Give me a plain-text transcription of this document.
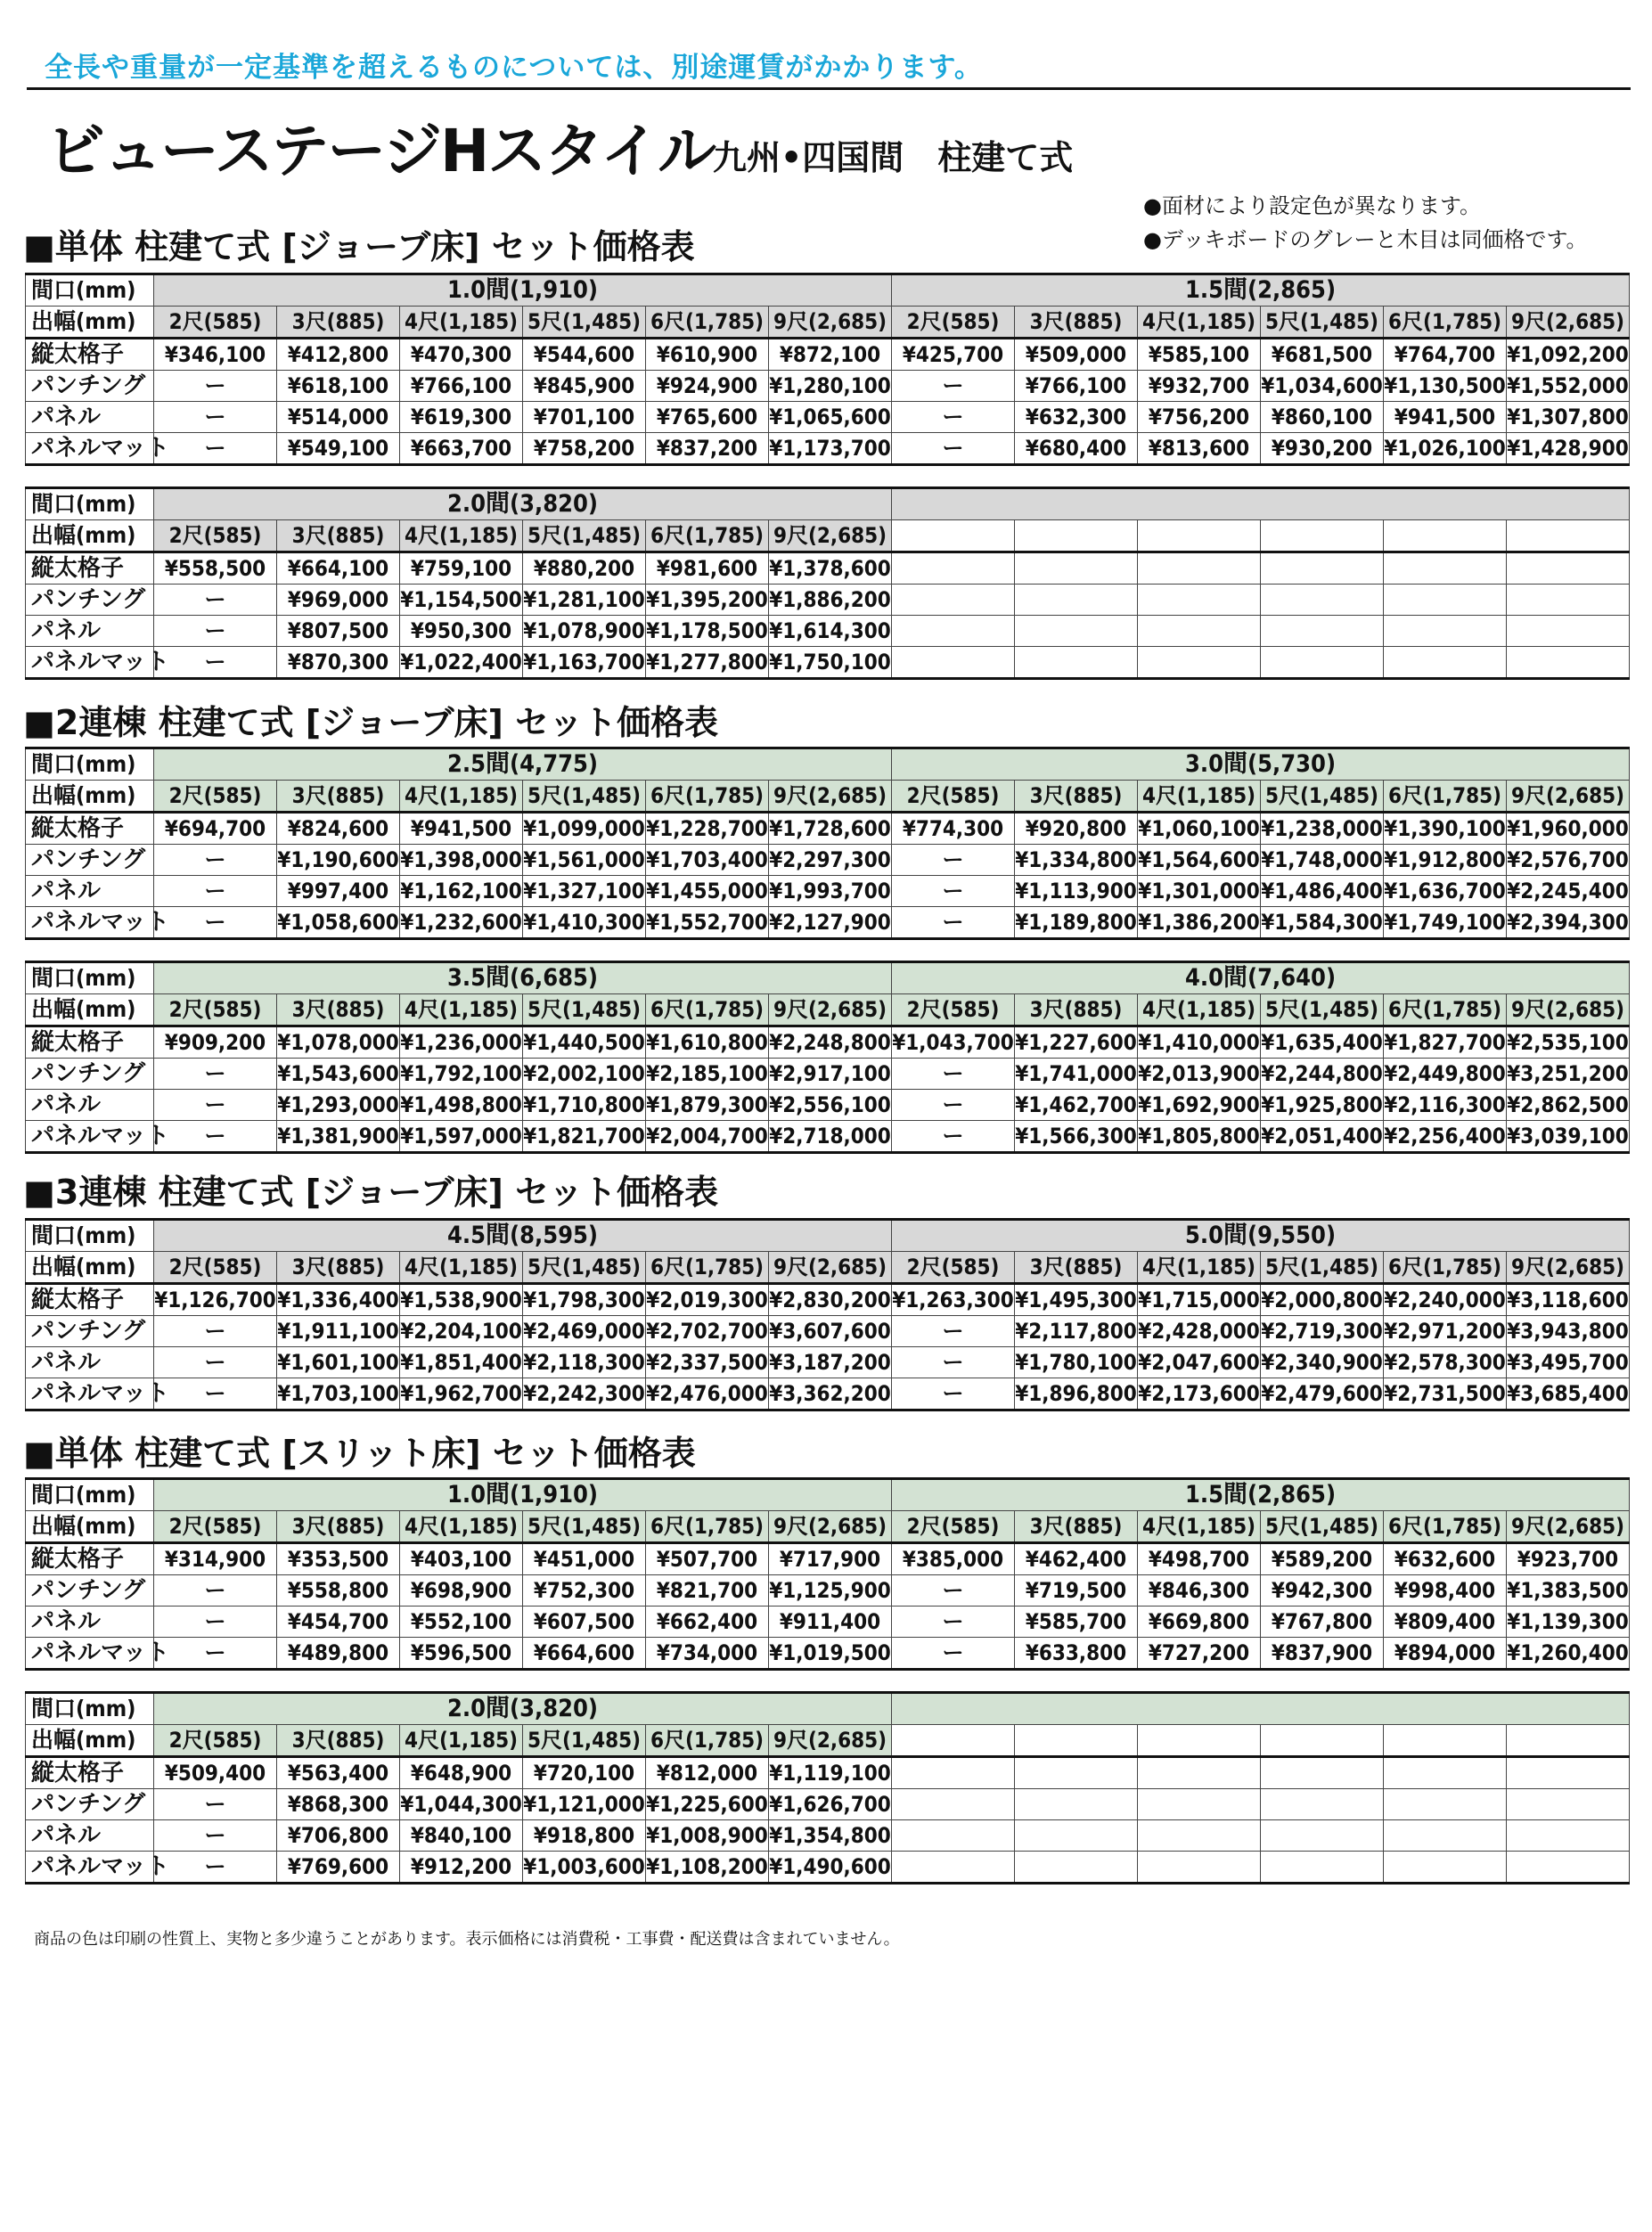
全長や重量が一定基準を超えるものについては、別途運賃がかかります。
ビューステージHスタイル
九州•四国間　柱建て式
●面材により設定色が異なります。
●デッキボードのグレーと木目は同価格です。
■単体 柱建て式 [ジョーブ床] セット価格表
間口(mm)	1.0間(1,910)						1.5間(2,865)					
出幅(mm)	2尺(585)	3尺(885)	4尺(1,185)	5尺(1,485)	6尺(1,785)	9尺(2,685)	2尺(585)	3尺(885)	4尺(1,185)	5尺(1,485)	6尺(1,785)	9尺(2,685)
縦太格子	¥346,100	¥412,800	¥470,300	¥544,600	¥610,900	¥872,100	¥425,700	¥509,000	¥585,100	¥681,500	¥764,700	¥1,092,200
パンチング	ー	¥618,100	¥766,100	¥845,900	¥924,900	¥1,280,100	ー	¥766,100	¥932,700	¥1,034,600	¥1,130,500	¥1,552,000
パネル	ー	¥514,000	¥619,300	¥701,100	¥765,600	¥1,065,600	ー	¥632,300	¥756,200	¥860,100	¥941,500	¥1,307,800
パネルマット	ー	¥549,100	¥663,700	¥758,200	¥837,200	¥1,173,700	ー	¥680,400	¥813,600	¥930,200	¥1,026,100	¥1,428,900
間口(mm)	2.0間(3,820)											
出幅(mm)	2尺(585)	3尺(885)	4尺(1,185)	5尺(1,485)	6尺(1,785)	9尺(2,685)						
縦太格子	¥558,500	¥664,100	¥759,100	¥880,200	¥981,600	¥1,378,600						
パンチング	ー	¥969,000	¥1,154,500	¥1,281,100	¥1,395,200	¥1,886,200						
パネル	ー	¥807,500	¥950,300	¥1,078,900	¥1,178,500	¥1,614,300						
パネルマット	ー	¥870,300	¥1,022,400	¥1,163,700	¥1,277,800	¥1,750,100						
■2連棟 柱建て式 [ジョーブ床] セット価格表
間口(mm)	2.5間(4,775)						3.0間(5,730)					
出幅(mm)	2尺(585)	3尺(885)	4尺(1,185)	5尺(1,485)	6尺(1,785)	9尺(2,685)	2尺(585)	3尺(885)	4尺(1,185)	5尺(1,485)	6尺(1,785)	9尺(2,685)
縦太格子	¥694,700	¥824,600	¥941,500	¥1,099,000	¥1,228,700	¥1,728,600	¥774,300	¥920,800	¥1,060,100	¥1,238,000	¥1,390,100	¥1,960,000
パンチング	ー	¥1,190,600	¥1,398,000	¥1,561,000	¥1,703,400	¥2,297,300	ー	¥1,334,800	¥1,564,600	¥1,748,000	¥1,912,800	¥2,576,700
パネル	ー	¥997,400	¥1,162,100	¥1,327,100	¥1,455,000	¥1,993,700	ー	¥1,113,900	¥1,301,000	¥1,486,400	¥1,636,700	¥2,245,400
パネルマット	ー	¥1,058,600	¥1,232,600	¥1,410,300	¥1,552,700	¥2,127,900	ー	¥1,189,800	¥1,386,200	¥1,584,300	¥1,749,100	¥2,394,300
間口(mm)	3.5間(6,685)						4.0間(7,640)					
出幅(mm)	2尺(585)	3尺(885)	4尺(1,185)	5尺(1,485)	6尺(1,785)	9尺(2,685)	2尺(585)	3尺(885)	4尺(1,185)	5尺(1,485)	6尺(1,785)	9尺(2,685)
縦太格子	¥909,200	¥1,078,000	¥1,236,000	¥1,440,500	¥1,610,800	¥2,248,800	¥1,043,700	¥1,227,600	¥1,410,000	¥1,635,400	¥1,827,700	¥2,535,100
パンチング	ー	¥1,543,600	¥1,792,100	¥2,002,100	¥2,185,100	¥2,917,100	ー	¥1,741,000	¥2,013,900	¥2,244,800	¥2,449,800	¥3,251,200
パネル	ー	¥1,293,000	¥1,498,800	¥1,710,800	¥1,879,300	¥2,556,100	ー	¥1,462,700	¥1,692,900	¥1,925,800	¥2,116,300	¥2,862,500
パネルマット	ー	¥1,381,900	¥1,597,000	¥1,821,700	¥2,004,700	¥2,718,000	ー	¥1,566,300	¥1,805,800	¥2,051,400	¥2,256,400	¥3,039,100
■3連棟 柱建て式 [ジョーブ床] セット価格表
間口(mm)	4.5間(8,595)						5.0間(9,550)					
出幅(mm)	2尺(585)	3尺(885)	4尺(1,185)	5尺(1,485)	6尺(1,785)	9尺(2,685)	2尺(585)	3尺(885)	4尺(1,185)	5尺(1,485)	6尺(1,785)	9尺(2,685)
縦太格子	¥1,126,700	¥1,336,400	¥1,538,900	¥1,798,300	¥2,019,300	¥2,830,200	¥1,263,300	¥1,495,300	¥1,715,000	¥2,000,800	¥2,240,000	¥3,118,600
パンチング	ー	¥1,911,100	¥2,204,100	¥2,469,000	¥2,702,700	¥3,607,600	ー	¥2,117,800	¥2,428,000	¥2,719,300	¥2,971,200	¥3,943,800
パネル	ー	¥1,601,100	¥1,851,400	¥2,118,300	¥2,337,500	¥3,187,200	ー	¥1,780,100	¥2,047,600	¥2,340,900	¥2,578,300	¥3,495,700
パネルマット	ー	¥1,703,100	¥1,962,700	¥2,242,300	¥2,476,000	¥3,362,200	ー	¥1,896,800	¥2,173,600	¥2,479,600	¥2,731,500	¥3,685,400
■単体 柱建て式 [スリット床] セット価格表
間口(mm)	1.0間(1,910)						1.5間(2,865)					
出幅(mm)	2尺(585)	3尺(885)	4尺(1,185)	5尺(1,485)	6尺(1,785)	9尺(2,685)	2尺(585)	3尺(885)	4尺(1,185)	5尺(1,485)	6尺(1,785)	9尺(2,685)
縦太格子	¥314,900	¥353,500	¥403,100	¥451,000	¥507,700	¥717,900	¥385,000	¥462,400	¥498,700	¥589,200	¥632,600	¥923,700
パンチング	ー	¥558,800	¥698,900	¥752,300	¥821,700	¥1,125,900	ー	¥719,500	¥846,300	¥942,300	¥998,400	¥1,383,500
パネル	ー	¥454,700	¥552,100	¥607,500	¥662,400	¥911,400	ー	¥585,700	¥669,800	¥767,800	¥809,400	¥1,139,300
パネルマット	ー	¥489,800	¥596,500	¥664,600	¥734,000	¥1,019,500	ー	¥633,800	¥727,200	¥837,900	¥894,000	¥1,260,400
間口(mm)	2.0間(3,820)											
出幅(mm)	2尺(585)	3尺(885)	4尺(1,185)	5尺(1,485)	6尺(1,785)	9尺(2,685)						
縦太格子	¥509,400	¥563,400	¥648,900	¥720,100	¥812,000	¥1,119,100						
パンチング	ー	¥868,300	¥1,044,300	¥1,121,000	¥1,225,600	¥1,626,700						
パネル	ー	¥706,800	¥840,100	¥918,800	¥1,008,900	¥1,354,800						
パネルマット	ー	¥769,600	¥912,200	¥1,003,600	¥1,108,200	¥1,490,600						
商品の色は印刷の性質上、実物と多少違うことがあります。表示価格には消費税・工事費・配送費は含まれていません。
